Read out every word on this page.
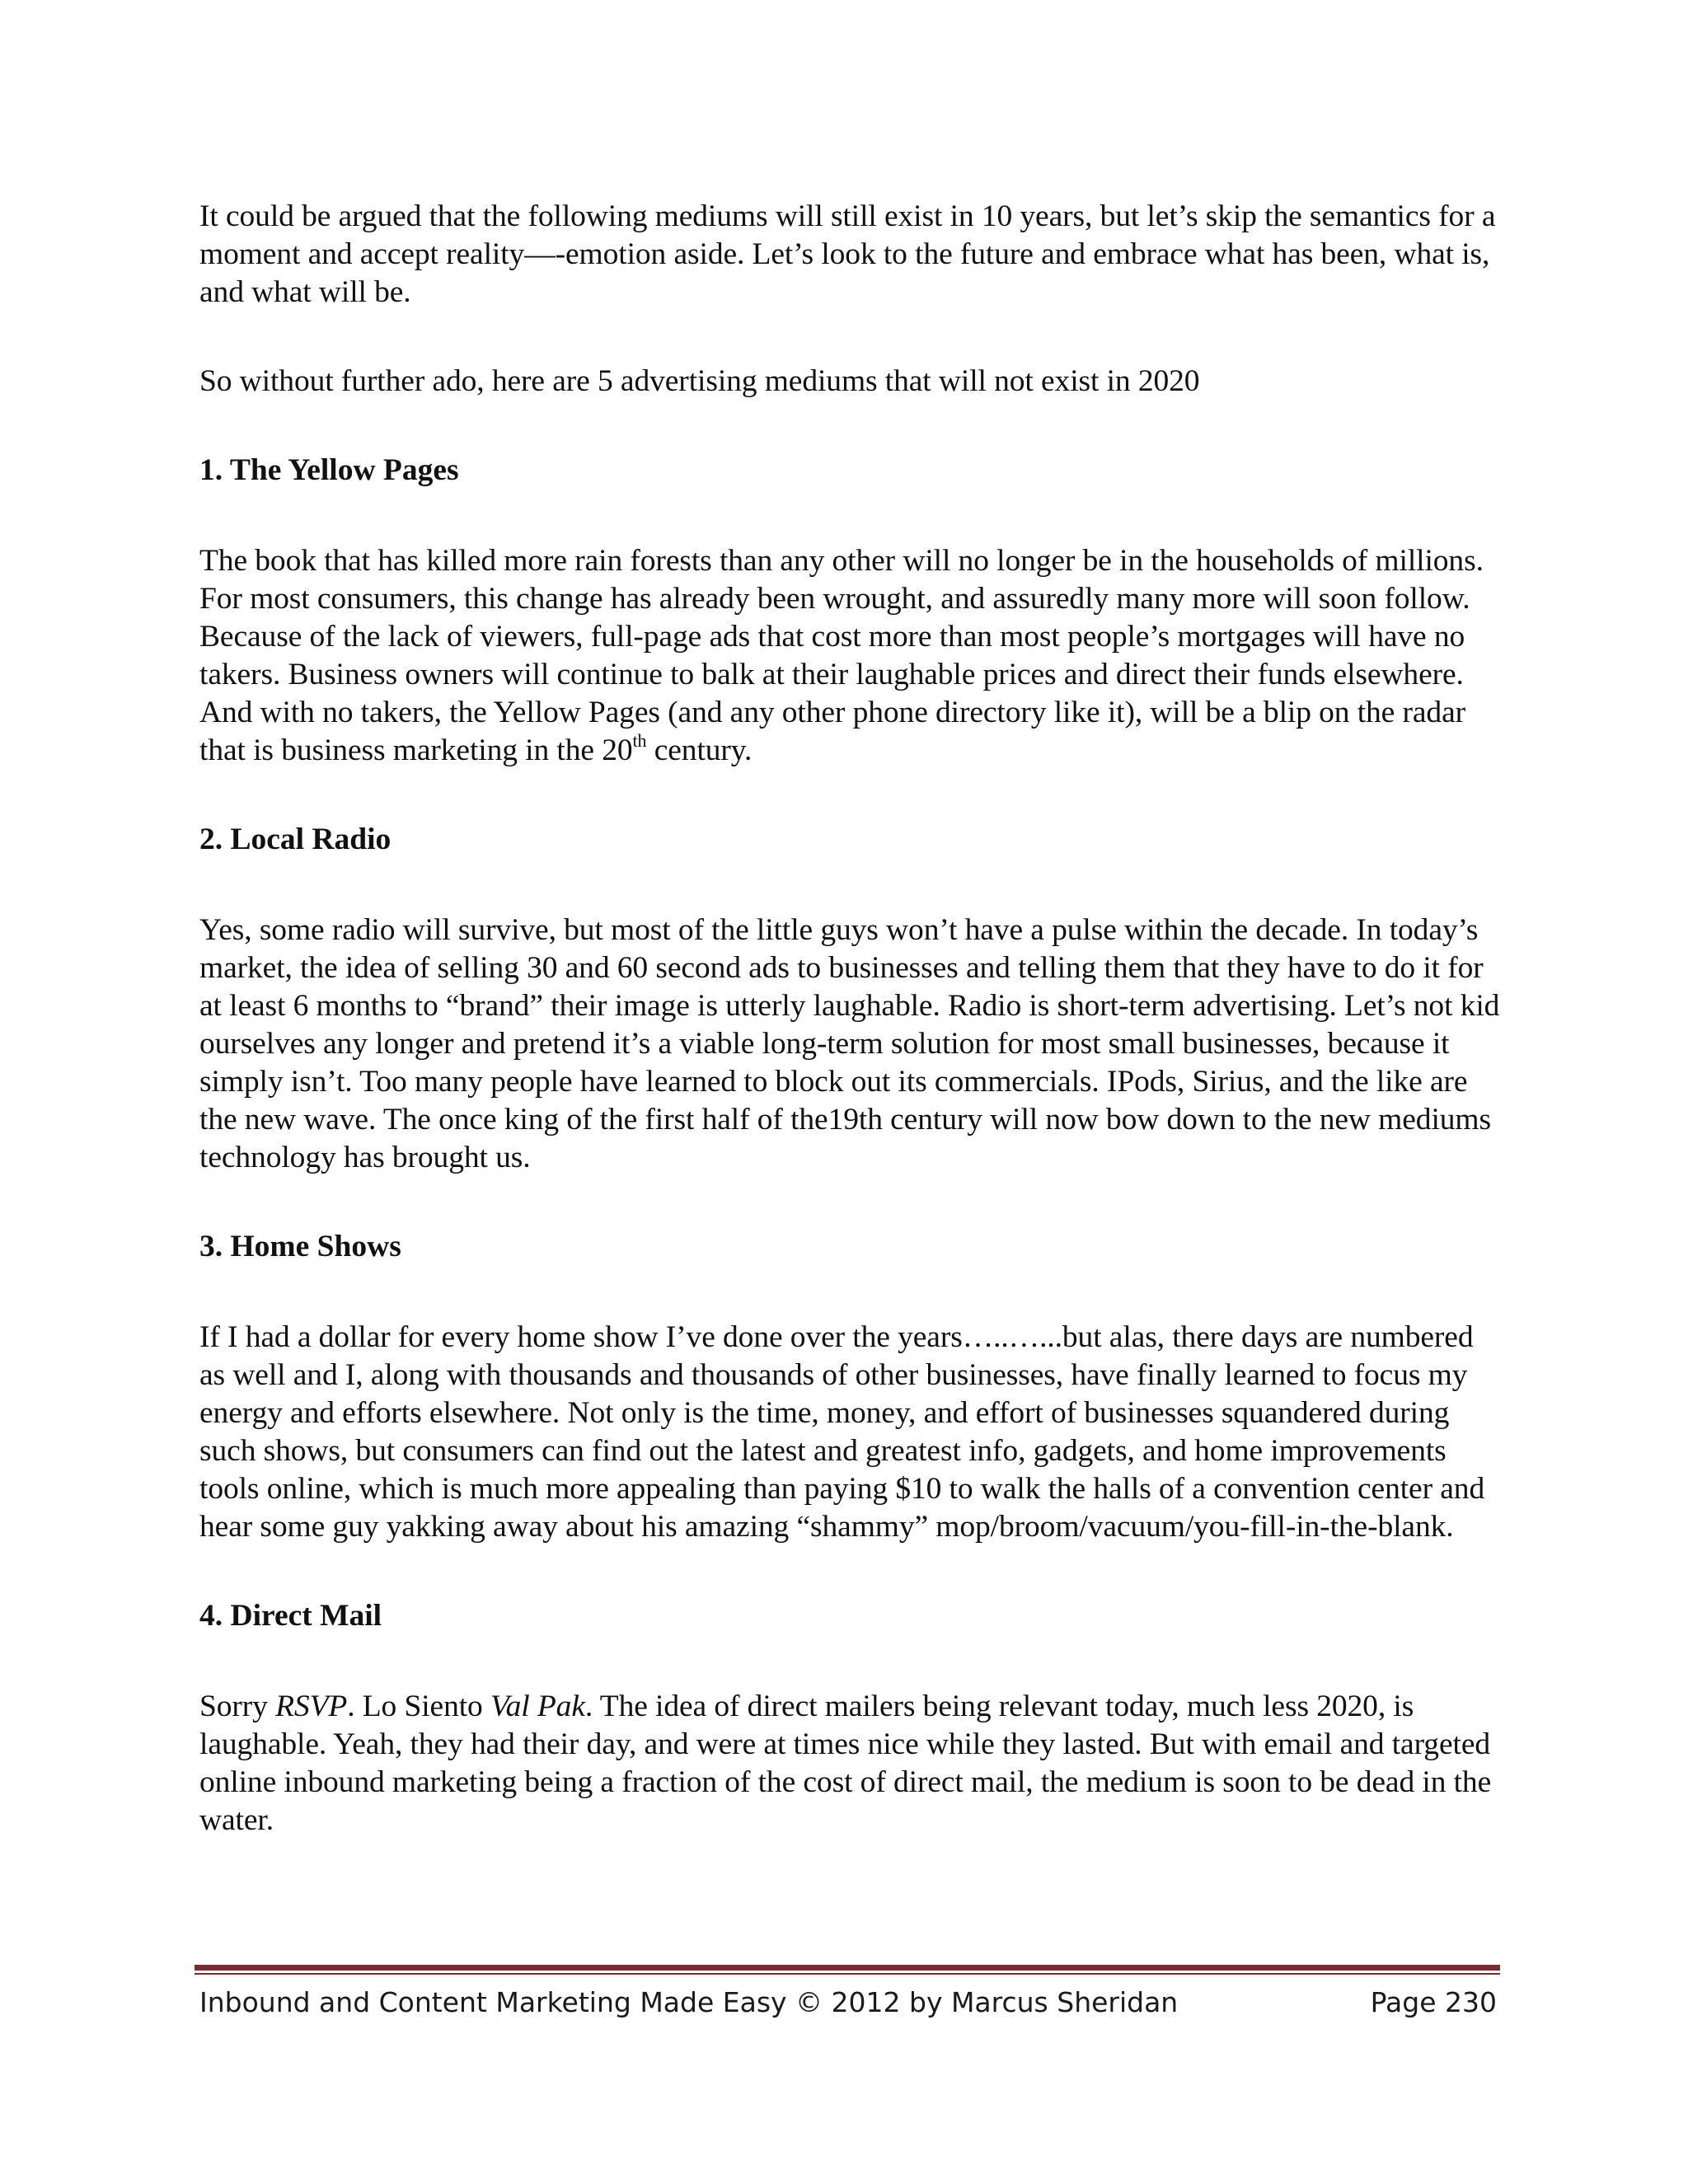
It could be argued that the following mediums will still exist in 10 years, but let’s skip the semantics for a moment and accept reality—-emotion aside. Let’s look to the future and embrace what has been, what is, and what will be.

So without further ado, here are 5 advertising mediums that will not exist in 2020

1. The Yellow Pages

The book that has killed more rain forests than any other will no longer be in the households of millions. For most consumers, this change has already been wrought, and assuredly many more will soon follow. Because of the lack of viewers, full-page ads that cost more than most people’s mortgages will have no takers. Business owners will continue to balk at their laughable prices and direct their funds elsewhere. And with no takers, the Yellow Pages (and any other phone directory like it), will be a blip on the radar that is business marketing in the 20th century.

2. Local Radio

Yes, some radio will survive, but most of the little guys won’t have a pulse within the decade. In today’s market, the idea of selling 30 and 60 second ads to businesses and telling them that they have to do it for at least 6 months to “brand” their image is utterly laughable. Radio is short-term advertising. Let’s not kid ourselves any longer and pretend it’s a viable long-term solution for most small businesses, because it simply isn’t. Too many people have learned to block out its commercials. IPods, Sirius, and the like are the new wave. The once king of the first half of the19th century will now bow down to the new mediums technology has brought us.

3. Home Shows

If I had a dollar for every home show I’ve done over the years…..…...but alas, there days are numbered as well and I, along with thousands and thousands of other businesses, have finally learned to focus my energy and efforts elsewhere. Not only is the time, money, and effort of businesses squandered during such shows, but consumers can find out the latest and greatest info, gadgets, and home improvements tools online, which is much more appealing than paying $10 to walk the halls of a convention center and hear some guy yakking away about his amazing “shammy” mop/broom/vacuum/you-fill-in-the-blank.

4. Direct Mail

Sorry RSVP. Lo Siento Val Pak. The idea of direct mailers being relevant today, much less 2020, is laughable. Yeah, they had their day, and were at times nice while they lasted. But with email and targeted online inbound marketing being a fraction of the cost of direct mail, the medium is soon to be dead in the water.

Inbound and Content Marketing Made Easy © 2012 by Marcus Sheridan	Page 230
